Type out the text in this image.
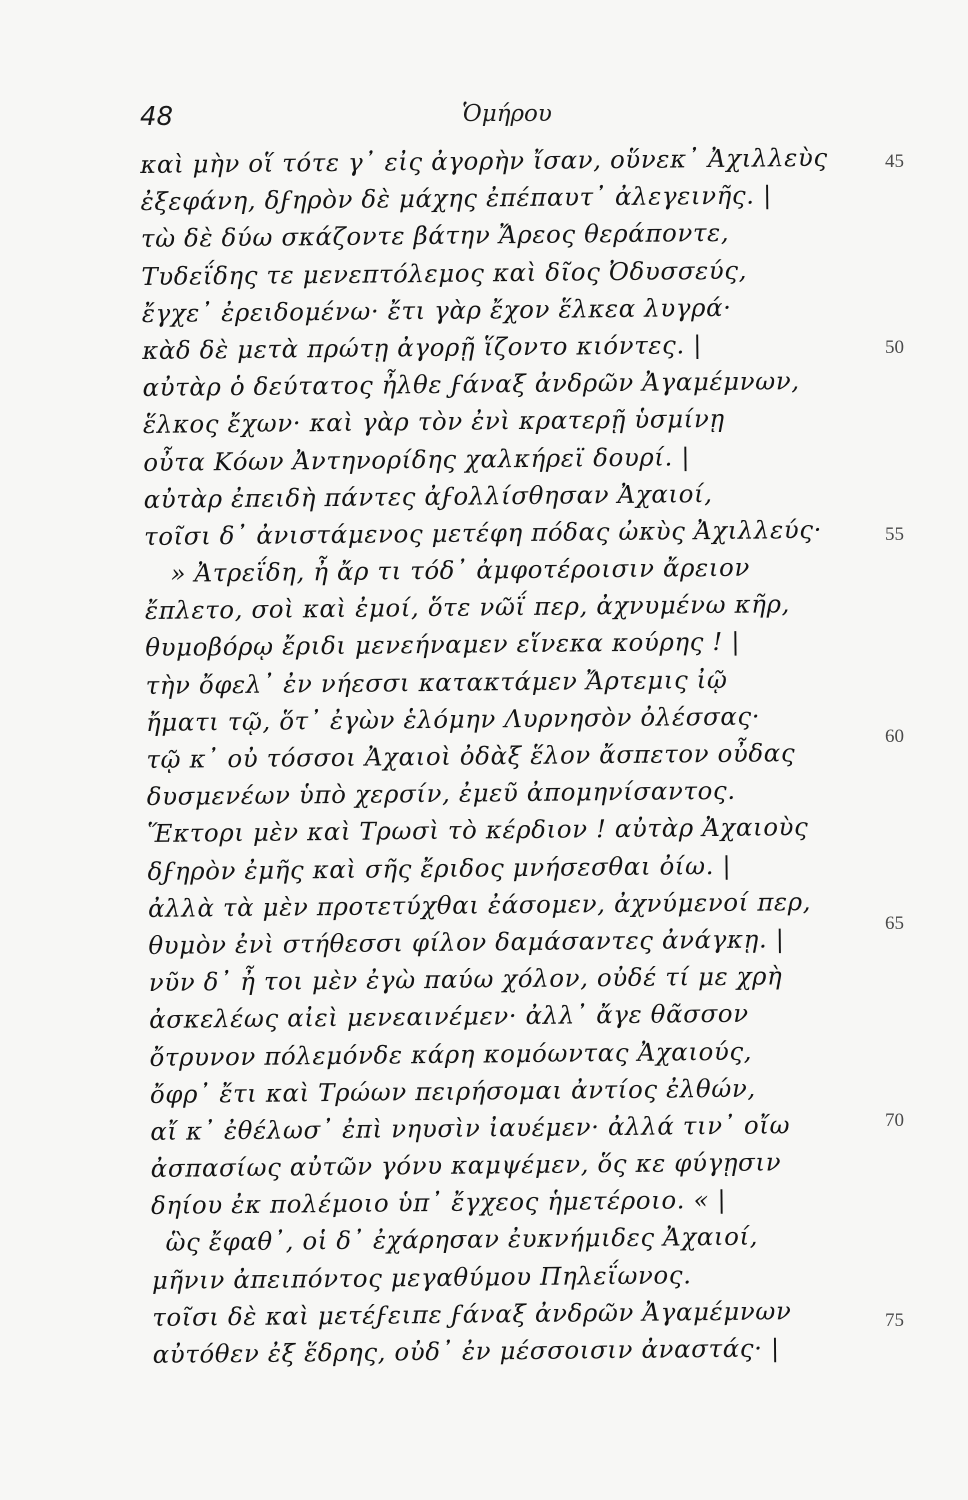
48	Ὁμήρου
καὶ μὴν οἵ τότε γ᾽ εἰς ἀγορὴν ἴσαν, οὕνεκ᾽ Ἀχιλλεὺς
ἐξεφάνη, δϝηρὸν δὲ μάχης ἐπέπαυτ᾽ ἀλεγεινῆς. |
τὼ δὲ δύω σκάζοντε βάτην Ἄρεος θεράποντε,
Τυδεΐδης τε μενεπτόλεμος καὶ δῖος Ὀδυσσεύς,
ἔγχε᾽ ἐρειδομένω· ἔτι γὰρ ἔχον ἕλκεα λυγρά·
κὰδ δὲ μετὰ πρώτῃ ἀγορῇ ἵζοντο κιόντες. |
αὐτὰρ ὁ δεύτατος ἦλθε ϝάναξ ἀνδρῶν Ἀγαμέμνων,
ἕλκος ἔχων· καὶ γὰρ τὸν ἐνὶ κρατερῇ ὑσμίνῃ
οὖτα Κόων Ἀντηνορίδης χαλκήρεϊ δουρί. |
αὐτὰρ ἐπειδὴ πάντες ἀϝολλίσθησαν Ἀχαιοί,
τοῖσι δ᾽ ἀνιστάμενος μετέφη πόδας ὠκὺς Ἀχιλλεύς·
» Ἀτρεΐδη, ἦ ἄρ τι τόδ᾽ ἀμφοτέροισιν ἄρειον
ἔπλετο, σοὶ καὶ ἐμοί, ὅτε νῶΐ περ, ἀχνυμένω κῆρ,
θυμοβόρῳ ἔριδι μενεήναμεν εἵνεκα κούρης ! |
τὴν ὄφελ᾽ ἐν νήεσσι κατακτάμεν Ἄρτεμις ἰῷ
ἤματι τῷ, ὅτ᾽ ἐγὼν ἑλόμην Λυρνησὸν ὀλέσσας·
τῷ κ᾽ οὐ τόσσοι Ἀχαιοὶ ὀδὰξ ἕλον ἄσπετον οὖδας
δυσμενέων ὑπὸ χερσίν, ἐμεῦ ἀπομηνίσαντος.
Ἕκτορι μὲν καὶ Τρωσὶ τὸ κέρδιον ! αὐτὰρ Ἀχαιοὺς
δϝηρὸν ἐμῆς καὶ σῆς ἔριδος μνήσεσθαι ὀίω. |
ἀλλὰ τὰ μὲν προτετύχθαι ἐάσομεν, ἀχνύμενοί περ,
θυμὸν ἐνὶ στήθεσσι φίλον δαμάσαντες ἀνάγκῃ. |
νῦν δ᾽ ἦ τοι μὲν ἐγὼ παύω χόλον, οὐδέ τί με χρὴ
ἀσκελέως αἰεὶ μενεαινέμεν· ἀλλ᾽ ἄγε θᾶσσον
ὄτρυνον πόλεμόνδε κάρη κομόωντας Ἀχαιούς,
ὄφρ᾽ ἔτι καὶ Τρώων πειρήσομαι ἀντίος ἐλθών,
αἴ κ᾽ ἐθέλωσ᾽ ἐπὶ νηυσὶν ἰαυέμεν· ἀλλά τιν᾽ οἴω
ἀσπασίως αὐτῶν γόνυ καμψέμεν, ὅς κε φύγῃσιν
δηίου ἐκ πολέμοιο ὑπ᾽ ἔγχεος ἡμετέροιο. « |
ὣς ἔφαθ᾽, οἱ δ᾽ ἐχάρησαν ἐυκνήμιδες Ἀχαιοί,
μῆνιν ἀπειπόντος μεγαθύμου Πηλεΐωνος.
τοῖσι δὲ καὶ μετέϝειπε ϝάναξ ἀνδρῶν Ἀγαμέμνων
αὐτόθεν ἐξ ἕδρης, οὐδ᾽ ἐν μέσσοισιν ἀναστάς· |
45
50
55
60
65
70
75
